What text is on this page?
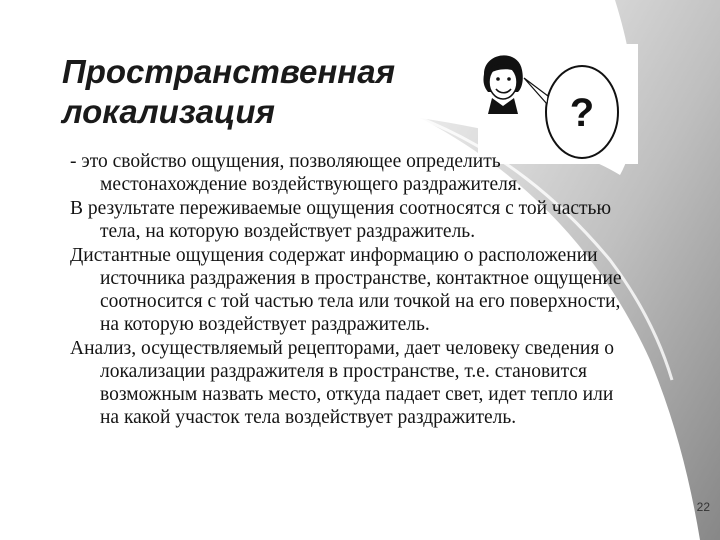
Пространственная
локализация	?

- это свойство ощущения, позволяющее определить местонахождение воздействующего раздражителя.

В результате переживаемые ощущения соотносятся с той частью тела, на которую воздействует раздражитель.

Дистантные ощущения содержат информацию о расположении источника раздражения в пространстве, контактное ощущение соотносится с той частью тела или точкой на его поверхности, на которую воздействует раздражитель.

Анализ, осуществляемый рецепторами, дает человеку сведения о локализации раздражителя в пространстве, т.е. становится возможным назвать место, откуда падает свет, идет тепло или на какой участок тела воздействует раздражитель.

22
